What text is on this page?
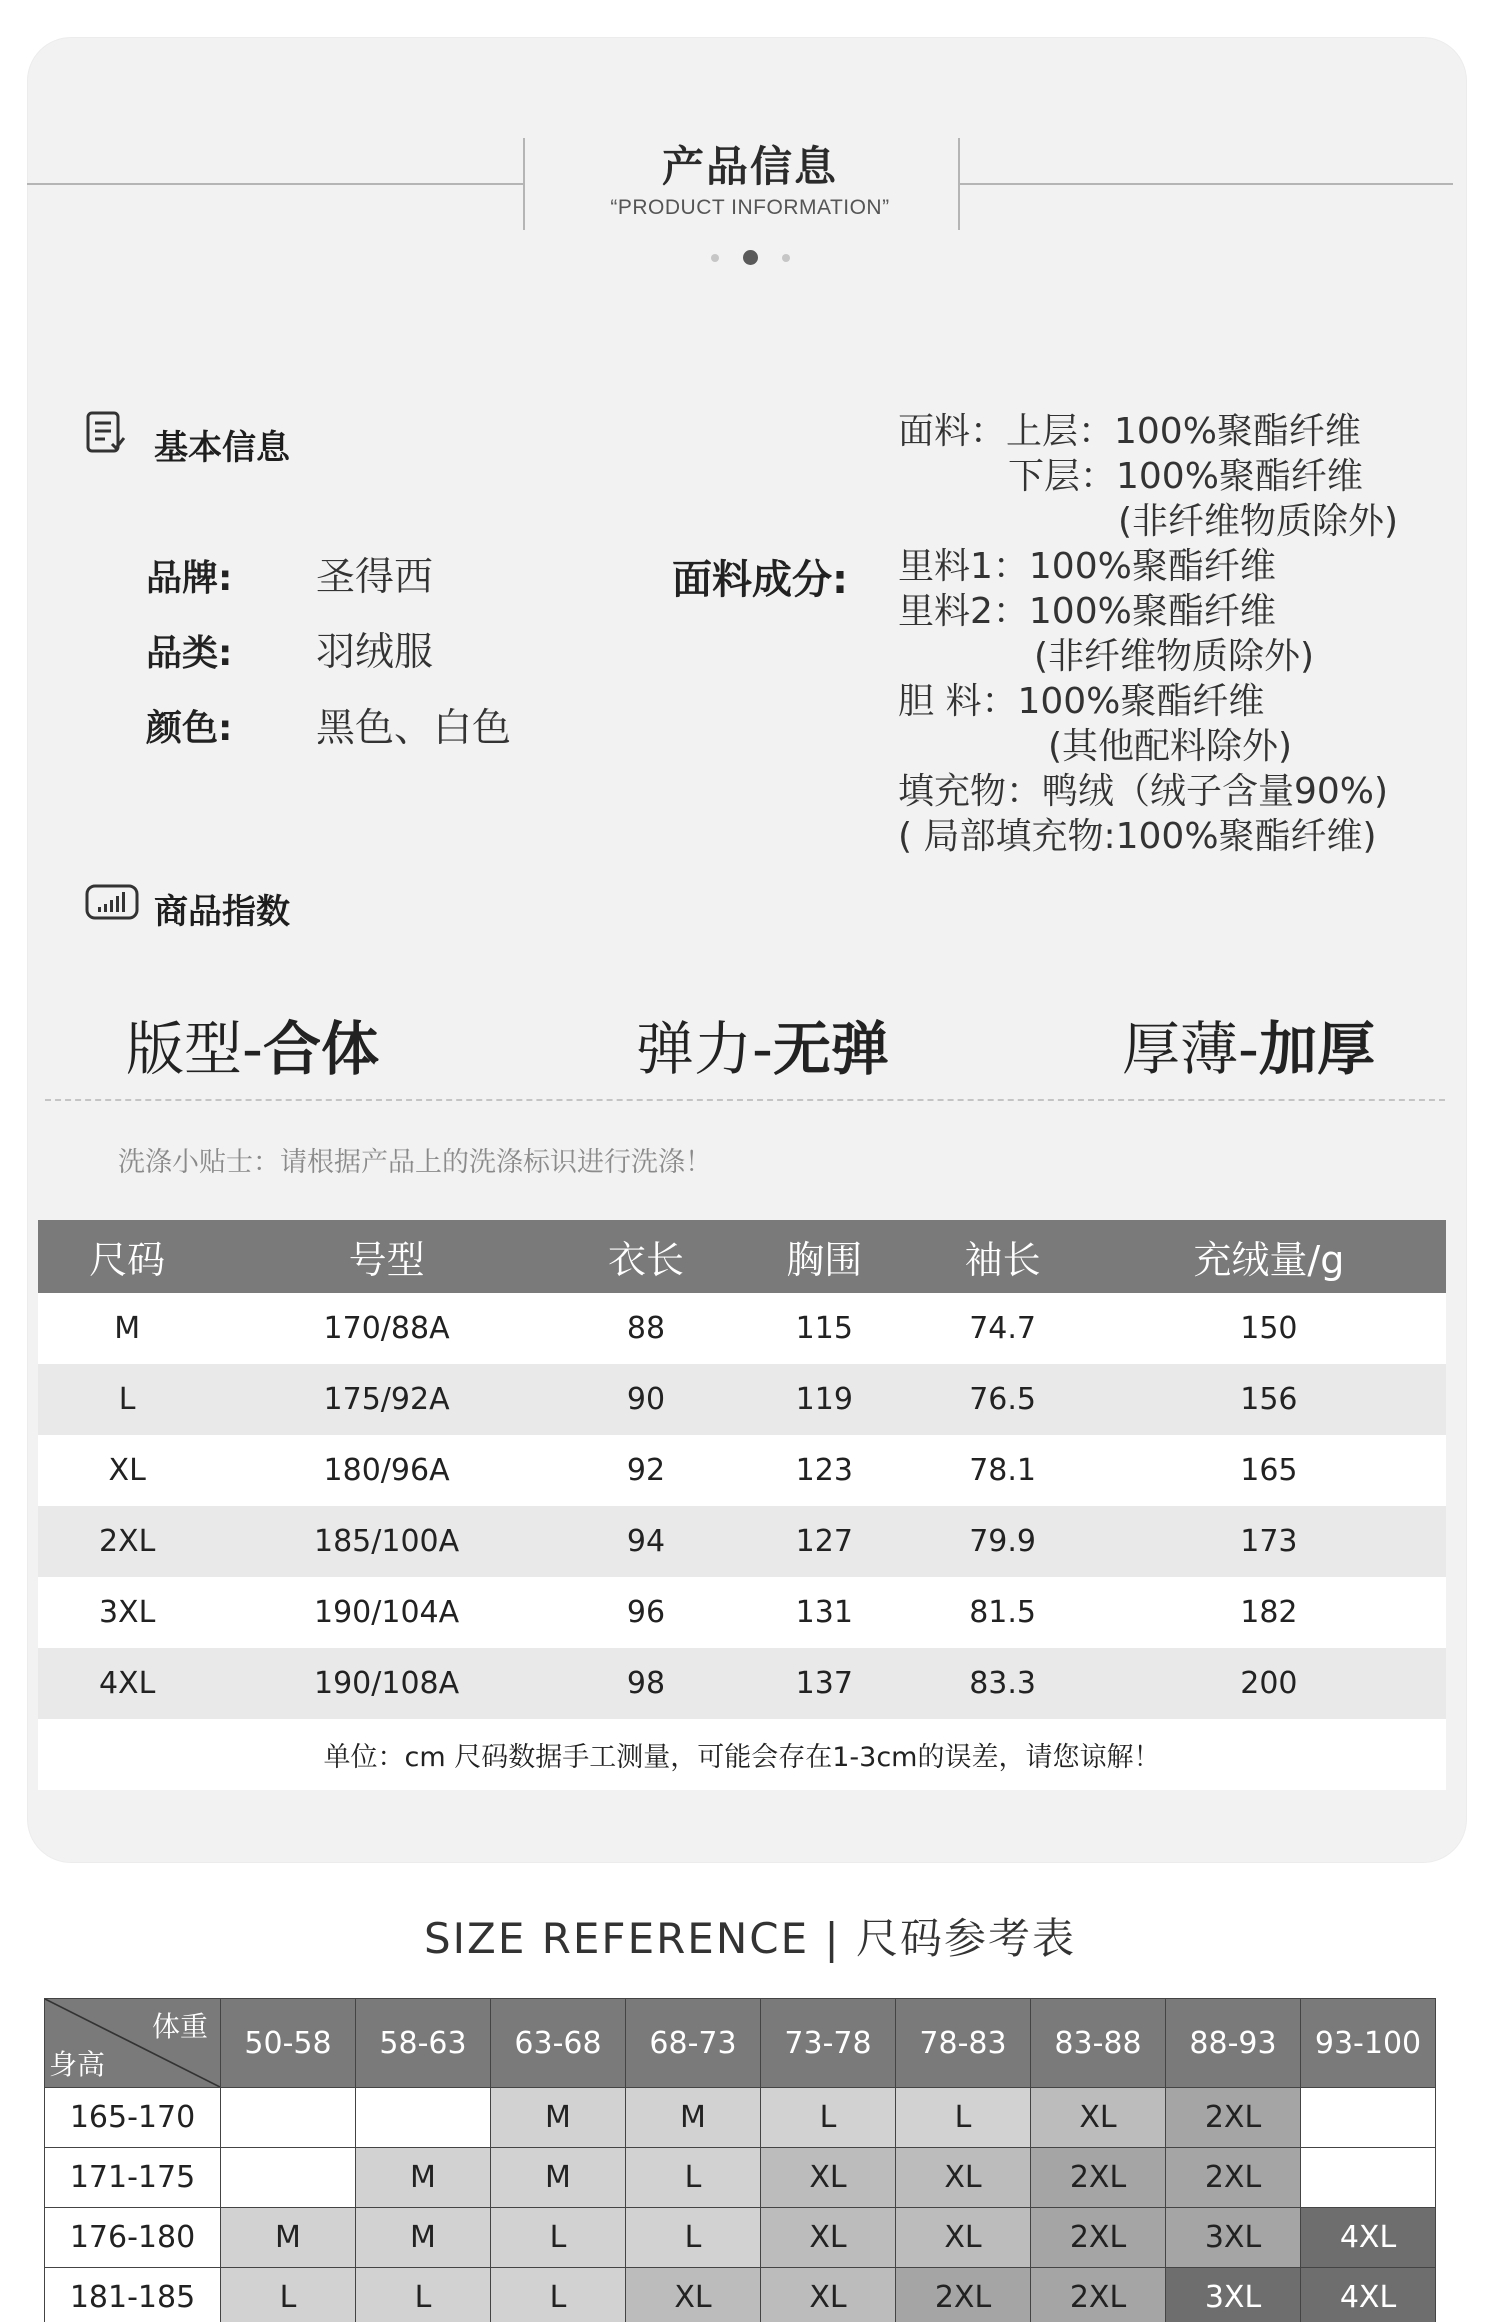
产品信息
“PRODUCT INFORMATION”
基本信息
品牌: 圣得西
品类: 羽绒服
颜色: 黑色、白色
面料成分:
面料：上层：100%聚酯纤维
下层：100%聚酯纤维
(非纤维物质除外)
里料1：100%聚酯纤维
里料2：100%聚酯纤维
(非纤维物质除外)
胆 料：100%聚酯纤维
(其他配料除外)
填充物：鸭绒（绒子含量90%)
( 局部填充物:100%聚酯纤维)
商品指数
版型-合体	弹力-无弹	厚薄-加厚
洗涤小贴士：请根据产品上的洗涤标识进行洗涤！
尺码	号型	衣长	胸围	袖长	充绒量/g
M	170/88A	88	115	74.7	150
L	175/92A	90	119	76.5	156
XL	180/96A	92	123	78.1	165
2XL	185/100A	94	127	79.9	173
3XL	190/104A	96	131	81.5	182
4XL	190/108A	98	137	83.3	200
单位：cm 尺码数据手工测量，可能会存在1-3cm的误差，请您谅解！					
SIZE REFERENCE | 尺码参考表
体重
身高	50-58	58-63	63-68	68-73	73-78	78-83	83-88	88-93	93-100
165-170			M	M	L	L	XL	2XL	
171-175		M	M	L	XL	XL	2XL	2XL	
176-180	M	M	L	L	XL	XL	2XL	3XL	4XL
181-185	L	L	L	XL	XL	2XL	2XL	3XL	4XL
